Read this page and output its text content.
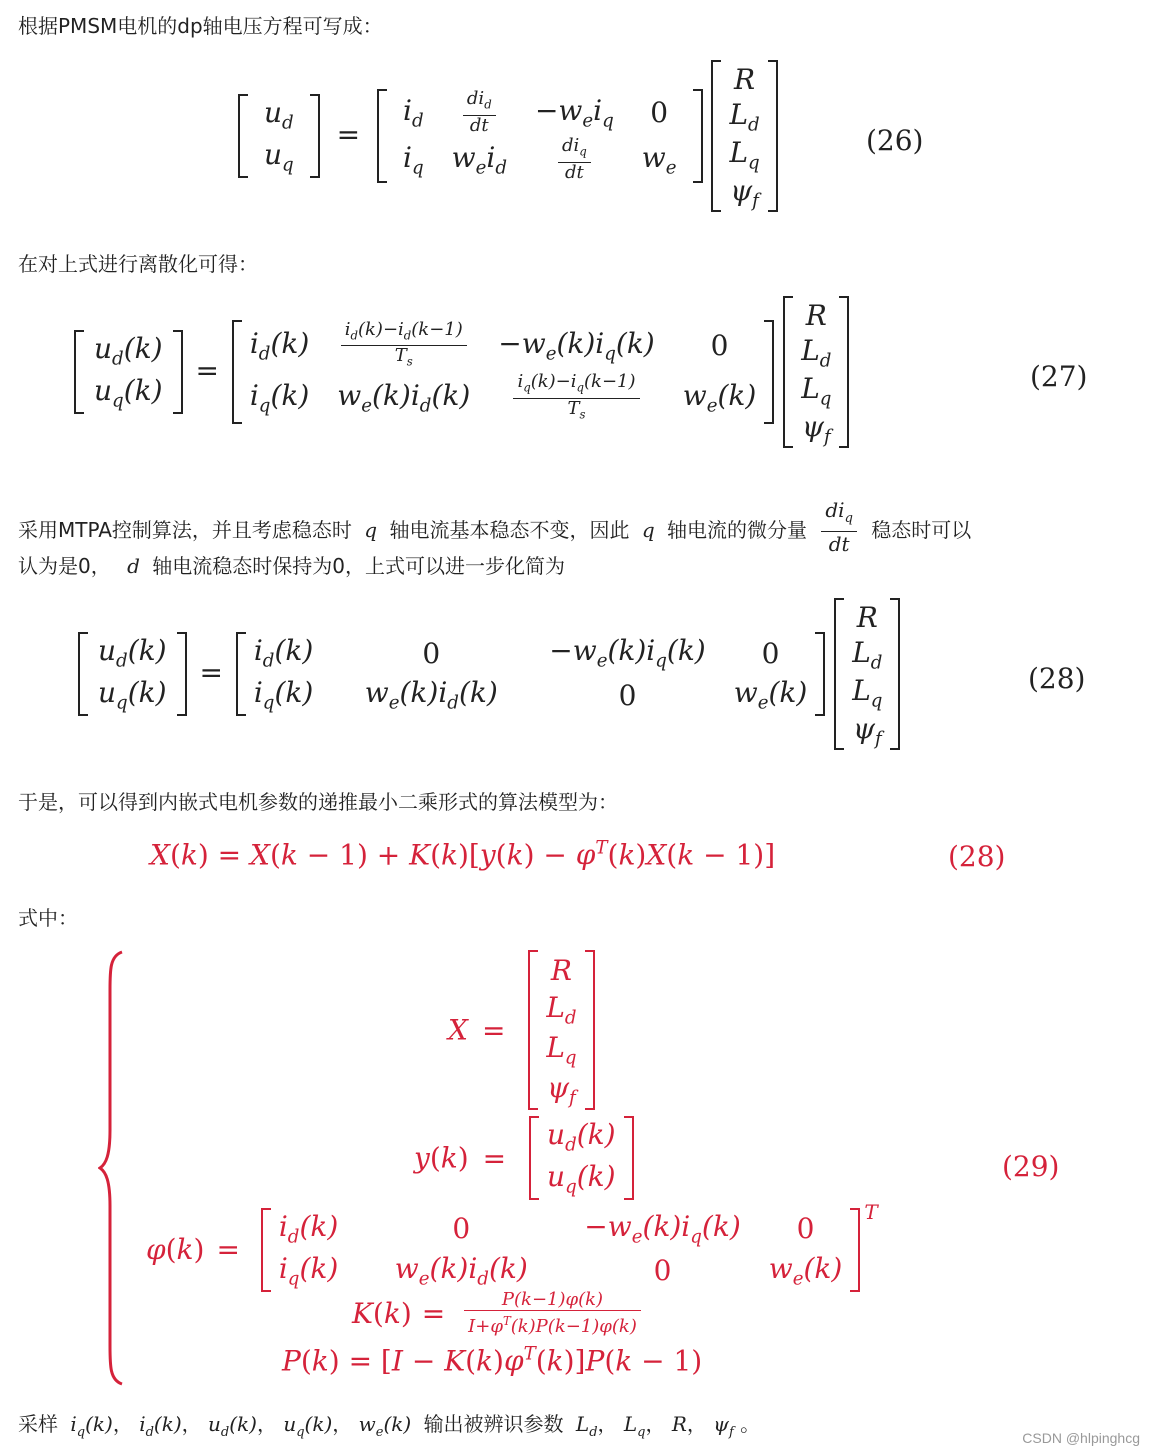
根据PMSM电机的dp轴电压方程可写成：
$u_d$
$u_q$
=
$i_d$	$\frac{di_d}{dt}$	$-w_ei_q$	0
$i_q$	$w_ei_d$	$\frac{di_q}{dt}$	$w_e$

R
$L_d$
$L_q$
$\psi_f$
(26)
在对上式进行离散化可得：
$u_d(k)$
$u_q(k)$
=
$i_d(k)$	$\frac{i_d(k)-i_d(k-1)}{T_s}$	$-w_e(k)i_q(k)$	0
$i_q(k)$	$w_e(k)i_d(k)$	$\frac{i_q(k)-i_q(k-1)}{T_s}$	$w_e(k)$

R
$L_d$
$L_q$
$\psi_f$
(27)
采用MTPA控制算法，并且考虑稳态时 q 轴电流基本稳态不变，因此 q 轴电流的微分量 $\frac{di_q}{dt}$ 稳态时可以
认为是0， d 轴电流稳态时保持为0，上式可以进一步化简为
$u_d(k)$
$u_q(k)$
=
$i_d(k)$	0	$-w_e(k)i_q(k)$	0
$i_q(k)$	$w_e(k)i_d(k)$	0	$w_e(k)$

R
$L_d$
$L_q$
$\psi_f$
(28)
于是，可以得到内嵌式电机参数的递推最小二乘形式的算法模型为：
$X(k) = X(k - 1) + K(k)[y(k) - \varphi^T(k)X(k - 1)]$	(28)
式中：
X =
R
$L_d$
$L_q$
$\psi_f$
y(k) =
$u_d(k)$
$u_q(k)$
φ(k) =
$i_d(k)$	0	$-w_e(k)i_q(k)$	0
$i_q(k)$	$w_e(k)i_d(k)$	0	$w_e(k)$
$^T$
$K(k) = \frac{P(k-1)\varphi(k)}{I+\varphi^T(k)P(k-1)\varphi(k)}$
$P(k) = [I - K(k)\varphi^T(k)]P(k - 1)$
(29)
采样 $i_q(k)$， $i_d(k)$， $u_d(k)$， $u_q(k)$， $w_e(k)$ 输出被辨识参数 $L_d$， $L_q$， R， $\psi_f$ 。
CSDN @hlpinghcg
